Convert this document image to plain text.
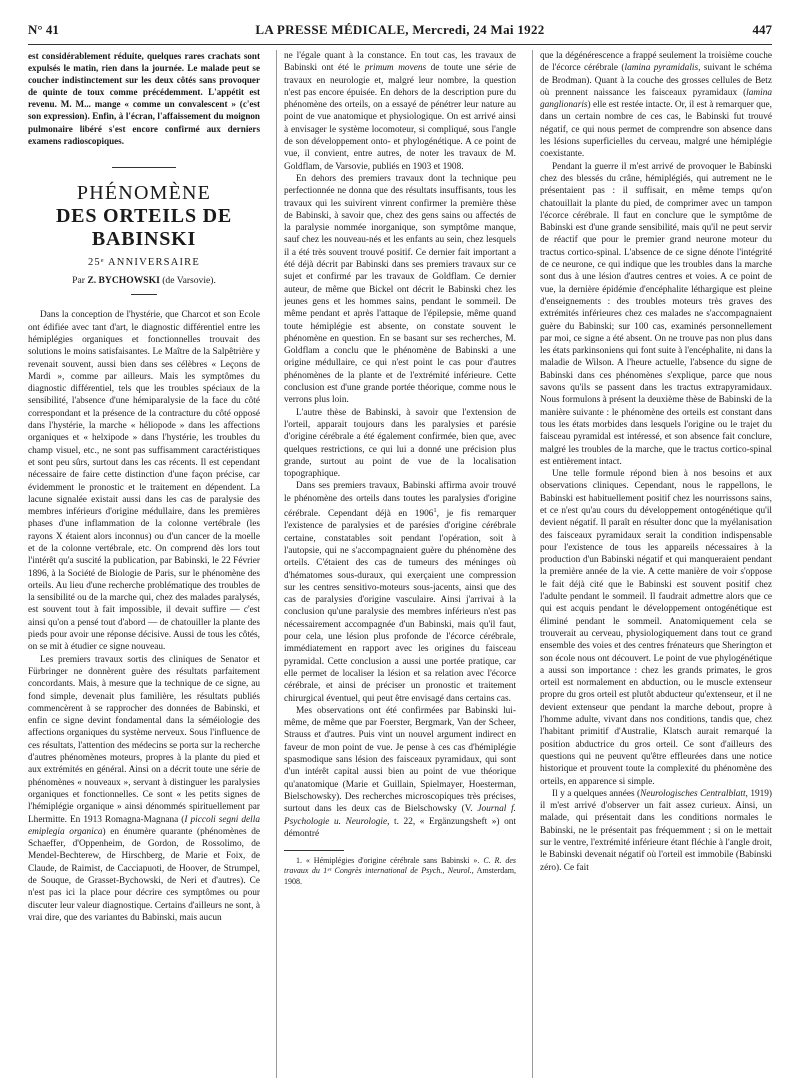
N° 41	LA PRESSE MÉDICALE, Mercredi, 24 Mai 1922	447

est considérablement réduite, quelques rares crachats sont expulsés le matin, rien dans la journée. Le malade peut se coucher indistinctement sur les deux côtés sans provoquer de quinte de toux comme précédemment. L'appétit est revenu. M. M... mange « comme un convalescent » (c'est son expression). Enfin, à l'écran, l'affaissement du moignon pulmonaire libéré s'est encore confirmé aux derniers examens radioscopiques.

PHÉNOMÈNE
DES ORTEILS DE BABINSKI
25ᵉ ANNIVERSAIRE
Par Z. BYCHOWSKI (de Varsovie).

Dans la conception de l'hystérie, que Charcot et son Ecole ont édifiée avec tant d'art, le diagnostic différentiel entre les hémiplégies organiques et fonctionnelles trouvait des solutions le moins satisfaisantes. Le Maître de la Salpêtrière y revenait souvent, aussi bien dans ses célèbres « Leçons de Mardi », comme par ailleurs. Mais les symptômes du diagnostic différentiel, tels que les troubles spéciaux de la sensibilité, l'absence d'une hémiparalysie de la face du côté correspondant et la présence de la contracture du côté opposé dans l'hystérie, la marche « héliopode » dans les affections organiques et « helxipode » dans l'hystérie, les troubles du champ visuel, etc., ne sont pas suffisamment caractéristiques et sont peu sûrs, surtout dans les cas récents. Il est cependant nécessaire de faire cette distinction d'une façon précise, car évidemment le pronostic et le traitement en dépendent. La lacune signalée existait aussi dans les cas de paralysie des membres inférieurs d'origine médullaire, dans les premières phases d'une inflammation de la colonne vertébrale (les rayons X étaient alors inconnus) ou d'un cancer de la moelle et de la colonne vertébrale, etc. On comprend dès lors tout l'intérêt qu'a suscité la publication, par Babinski, le 22 Février 1896, à la Société de Biologie de Paris, sur le phénomène des orteils. Au lieu d'une recherche problématique des troubles de la sensibilité ou de la marche qui, chez des malades paralysés, est souvent tout à fait impossible, il devait suffire — c'est ainsi qu'on a pensé tout d'abord — de chatouiller la plante des pieds pour avoir une réponse décisive. Aussi de tous les côtés, on se mit à étudier ce signe nouveau.

Les premiers travaux sortis des cliniques de Senator et Fürbringer ne donnèrent guère des résultats parfaitement concordants. Mais, à mesure que la technique de ce signe, au fond simple, devenait plus familière, les résultats publiés commencèrent à se rapprocher des données de Babinski, et enfin ce signe devint fondamental dans la séméiologie des affections organiques du système nerveux. Sous l'influence de ces résultats, l'attention des médecins se porta sur la recherche d'autres phénomènes moteurs, propres à la plante du pied et aux extrémités en général. Ainsi on a décrit toute une série de phénomènes « nouveaux », servant à distinguer les paralysies organiques et fonctionnelles. Ce sont « les petits signes de l'hémiplégie organique » ainsi dénommés spirituellement par Lhermitte. En 1913 Romagna-Magnana (I piccoli segni della emiplegia organica) en énumère quarante (phénomènes de Schaeffer, d'Oppenheim, de Gordon, de Rossolimo, de Mendel-Bechterew, de Hirschberg, de Marie et Foix, de Claude, de Raimist, de Cacciapuoti, de Hoover, de Strumpel, de Souque, de Grasset-Bychowski, de Neri et d'autres). Ce n'est pas ici la place pour décrire ces symptômes ou pour discuter leur valeur diagnostique. Certains d'ailleurs ne sont, à vrai dire, que des variantes du Babinski, mais aucun

ne l'égale quant à la constance. En tout cas, les travaux de Babinski ont été le primum movens de toute une série de travaux en neurologie et, malgré leur nombre, la question n'est pas encore épuisée. En dehors de la description pure du phénomène des orteils, on a essayé de pénétrer leur nature au point de vue anatomique et physiologique. On est arrivé ainsi à envisager le système locomoteur, si compliqué, sous l'angle de son développement onto- et phylogénétique. A ce point de vue, il convient, entre autres, de noter les travaux de M. Goldflam, de Varsovie, publiés en 1903 et 1908.

En dehors des premiers travaux dont la technique peu perfectionnée ne donna que des résultats insuffisants, tous les travaux qui les suivirent vinrent confirmer la première thèse de Babinski, à savoir que, chez des gens sains ou affectés de la paralysie nommée inorganique, son symptôme manque, sauf chez les nouveau-nés et les enfants au sein, chez lesquels il a été très souvent trouvé positif. Ce dernier fait important a été déjà décrit par Babinski dans ses premiers travaux sur ce sujet et confirmé par les travaux de Goldflam. Ce dernier auteur, de même que Bickel ont décrit le Babinski chez les jeunes gens et les hommes sains, pendant le sommeil. De même pendant et après l'attaque de l'épilepsie, même quand toute hémiplégie est absente, on constate souvent le phénomène en question. En se basant sur ses recherches, M. Goldflam a conclu que le phénomène de Babinski a une origine médullaire, ce qui n'est point le cas pour d'autres phénomènes de la plante et de l'extrémité inférieure. Cette conclusion est d'une grande portée théorique, comme nous le verrons plus loin.

L'autre thèse de Babinski, à savoir que l'extension de l'orteil, apparait toujours dans les paralysies et parésie d'origine cérébrale a été également confirmée, bien que, avec quelques restrictions, ce qui lui a donné une précision plus grande, surtout au point de vue de la localisation topographique.

Dans ses premiers travaux, Babinski affirma avoir trouvé le phénomène des orteils dans toutes les paralysies d'origine cérébrale. Cependant déjà en 1906$^1$, je fis remarquer l'existence de paralysies et de parésies d'origine cérébrale certaine, constatables soit pendant l'opération, soit à l'autopsie, qui ne s'accompagnaient guère du phénomène des orteils. C'étaient des cas de tumeurs des méninges où d'hématomes sous-duraux, qui exerçaient une compression sur les centres sensitivo-moteurs sous-jacents, ainsi que des cas de paralysies d'origine vasculaire. Ainsi j'arrivai à la conclusion qu'une paralysie des membres inférieurs n'est pas nécessairement accompagnée d'un Babinski, mais qu'il faut, pour cela, une lésion plus profonde de l'écorce cérébrale, immédiatement en rapport avec les origines du faisceau pyramidal. Cette conclusion a aussi une portée pratique, car elle permet de localiser la lésion et sa relation avec l'écorce cérébrale, et ainsi de préciser un pronostic et traitement chirurgical éventuel, qui peut être envisagé dans certains cas.

Mes observations ont été confirmées par Babinski lui-même, de même que par Foerster, Bergmark, Van der Scheer, Strauss et d'autres. Puis vint un nouvel argument indirect en faveur de mon point de vue. Je pense à ces cas d'hémiplégie spasmodique sans lésion des faisceaux pyramidaux, qui sont d'un intérêt capital aussi bien au point de vue théorique qu'anatomique (Marie et Guillain, Spielmayer, Hoesterman, Bielschowsky). Des recherches microscopiques très précises, surtout dans les deux cas de Bielschowsky (V. Journal f. Psychologie u. Neurologie, t. 22, « Ergänzungsheft ») ont démontré

1. « Hémiplégies d'origine cérébrale sans Babinski ». C. R. des travaux du 1ᵉʳ Congrès international de Psych., Neurol., Amsterdam, 1908.

que la dégénérescence a frappé seulement la troisième couche de l'écorce cérébrale (lamina pyramidalis, suivant le schéma de Brodman). Quant à la couche des grosses cellules de Betz où prennent naissance les faisceaux pyramidaux (lamina ganglionaris) elle est restée intacte. Or, il est à remarquer que, dans un certain nombre de ces cas, le Babinski fut trouvé négatif, ce qui nous permet de comprendre son absence dans les lésions superficielles du cerveau, malgré une hémiplégie coexistante.

Pendant la guerre il m'est arrivé de provoquer le Babinski chez des blessés du crâne, hémiplégiés, qui autrement ne le présentaient pas : il suffisait, en même temps qu'on chatouillait la plante du pied, de comprimer avec un tampon l'écorce cérébrale. Il faut en conclure que le symptôme de Babinski est d'une grande sensibilité, mais qu'il ne peut servir de réactif que pour le premier grand neurone moteur du tractus cortico-spinal. L'absence de ce signe dénote l'intégrité de ce neurone, ce qui indique que les troubles dans la marche sont dus à une lésion d'autres centres et voies. A ce point de vue, la dernière épidémie d'encéphalite léthargique est pleine d'enseignements : des troubles moteurs très graves des extrémités inférieures chez ces malades ne s'accompagnaient guère du Babinski; sur 100 cas, examinés personnellement par moi, ce signe a été absent. On ne trouve pas non plus dans les états parkinsoniens qui font suite à l'encéphalite, ni dans la maladie de Wilson. A l'heure actuelle, l'absence du signe de Babinski dans ces phénomènes s'explique, parce que nous savons qu'ils se passent dans les tractus extrapyramidaux. Nous formulons à présent la deuxième thèse de Babinski de la manière suivante : le phénomène des orteils est constant dans tous les états morbides dans lesquels l'origine ou le trajet du faisceau pyramidal est intéressé, et son absence fait conclure, malgré les troubles de la marche, que le tractus cortico-spinal est entièrement intact.

Une telle formule répond bien à nos besoins et aux observations cliniques. Cependant, nous le rappellons, le Babinski est habituellement positif chez les nourrissons sains, et ce n'est qu'au cours du développement ontogénétique qu'il devient négatif. Il paraît en résulter donc que la myélanisation des faisceaux pyramidaux serait la condition indispensable pour l'existence de tous les appareils nécessaires à la production d'un Babinski négatif et qui manqueraient pendant la première année de la vie. A cette manière de voir s'oppose le fait déjà cité que le Babinski est souvent positif chez l'adulte pendant le sommeil. Il faudrait admettre alors que ce qui est acquis pendant le développement ontogénétique est éliminé pendant le sommeil. Anatomiquement cela se trouverait au cerveau, physiologiquement dans tout ce grand ensemble des voies et des centres frénateurs que Sherington et son école nous ont découvert. Le point de vue phylogénétique a aussi son importance : chez les grands primates, le gros orteil est normalement en abduction, ou le muscle extenseur propre du gros orteil est plutôt abducteur qu'extenseur, et il ne devient extenseur que pendant la marche debout, propre à l'homme adulte, vivant dans nos conditions, tandis que, chez l'habitant primitif d'Australie, Klatsch aurait remarqué la position abductrice du gros orteil. Ce sont d'ailleurs des questions qui ne peuvent qu'être effleurées dans une notice historique et prouvent toute la complexité du phénomène des orteils, en apparence si simple.

Il y a quelques années (Neurologisches Centralblatt, 1919) il m'est arrivé d'observer un fait assez curieux. Ainsi, un malade, qui présentait dans les conditions normales le Babinski, ne le présentait pas fréquemment ; si on le mettait sur le ventre, l'extrémité inférieure étant fléchie à l'angle droit, le Babinski devenait négatif où l'orteil est immobile (Babinski zéro). Ce fait
